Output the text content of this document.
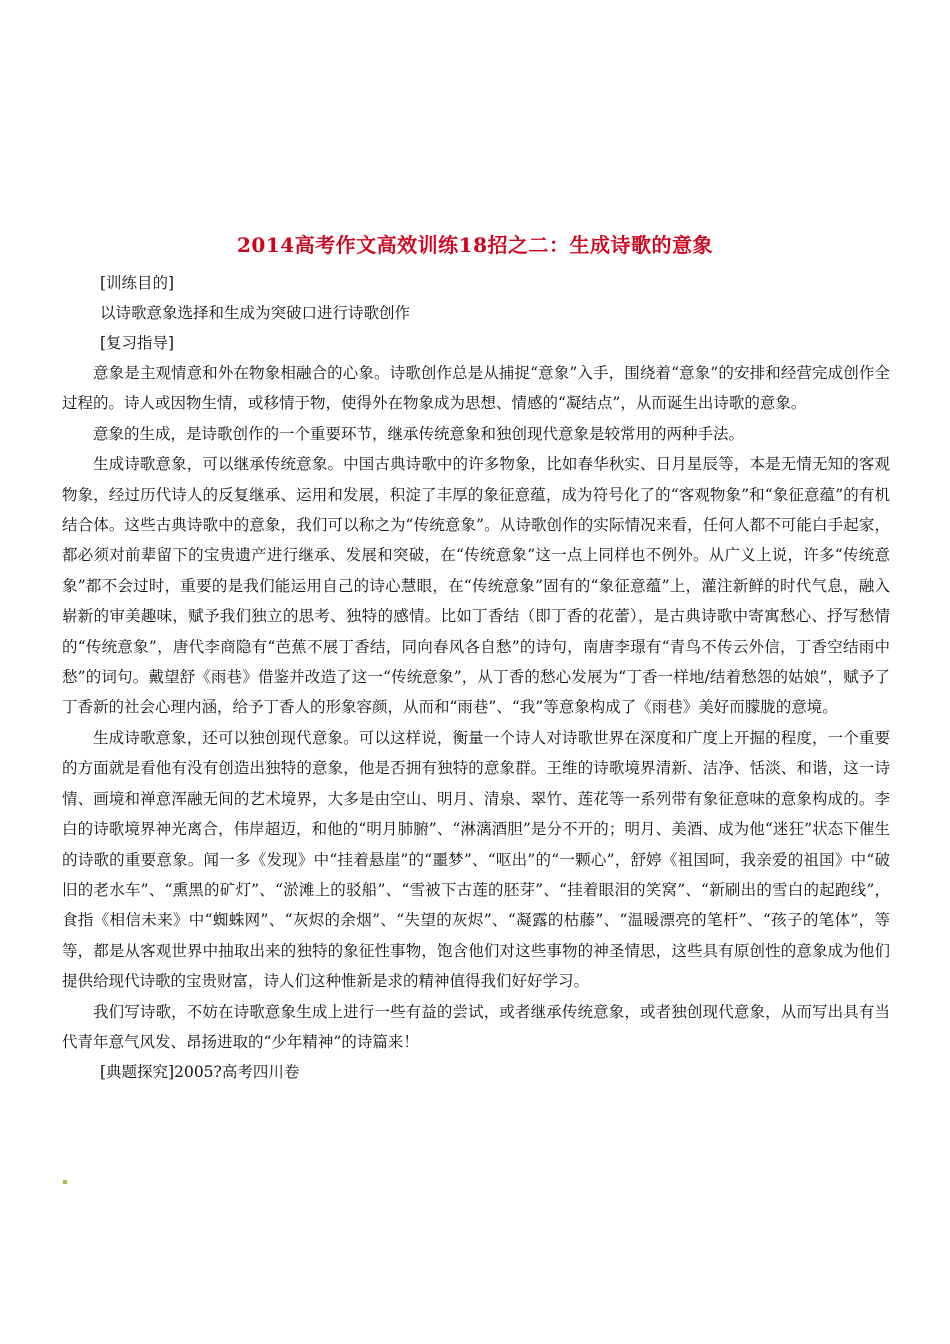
2014高考作文高效训练18招之二：生成诗歌的意象
[训练目的]
以诗歌意象选择和生成为突破口进行诗歌创作
[复习指导]

意象是主观情意和外在物象相融合的心象。诗歌创作总是从捕捉“意象”入手，围绕着“意象”的安排和经营完成创作全过程的。诗人或因物生情，或移情于物，使得外在物象成为思想、情感的“凝结点”，从而诞生出诗歌的意象。

意象的生成，是诗歌创作的一个重要环节，继承传统意象和独创现代意象是较常用的两种手法。

生成诗歌意象，可以继承传统意象。中国古典诗歌中的许多物象，比如春华秋实、日月星辰等，本是无情无知的客观物象，经过历代诗人的反复继承、运用和发展，积淀了丰厚的象征意蕴，成为符号化了的“客观物象”和“象征意蕴”的有机结合体。这些古典诗歌中的意象，我们可以称之为“传统意象”。从诗歌创作的实际情况来看，任何人都不可能白手起家，都必须对前辈留下的宝贵遗产进行继承、发展和突破，在“传统意象”这一点上同样也不例外。从广义上说，许多“传统意象”都不会过时，重要的是我们能运用自己的诗心慧眼，在“传统意象”固有的“象征意蕴”上，灌注新鲜的时代气息，融入崭新的审美趣味，赋予我们独立的思考、独特的感情。比如丁香结（即丁香的花蕾），是古典诗歌中寄寓愁心、抒写愁情的“传统意象”，唐代李商隐有“芭蕉不展丁香结，同向春风各自愁”的诗句，南唐李璟有“青鸟不传云外信，丁香空结雨中愁”的词句。戴望舒《雨巷》借鉴并改造了这一“传统意象”，从丁香的愁心发展为“丁香一样地/结着愁怨的姑娘”，赋予了丁香新的社会心理内涵，给予丁香人的形象容颜，从而和“雨巷”、“我”等意象构成了《雨巷》美好而朦胧的意境。

生成诗歌意象，还可以独创现代意象。可以这样说，衡量一个诗人对诗歌世界在深度和广度上开掘的程度，一个重要的方面就是看他有没有创造出独特的意象，他是否拥有独特的意象群。王维的诗歌境界清新、洁净、恬淡、和谐，这一诗情、画境和禅意浑融无间的艺术境界，大多是由空山、明月、清泉、翠竹、莲花等一系列带有象征意味的意象构成的。李白的诗歌境界神光离合，伟岸超迈，和他的“明月肺腑”、“淋漓酒胆”是分不开的；明月、美酒、成为他“迷狂”状态下催生的诗歌的重要意象。闻一多《发现》中“挂着悬崖”的“噩梦”、“呕出”的“一颗心”，舒婷《祖国呵，我亲爱的祖国》中“破旧的老水车”、“熏黑的矿灯”、“淤滩上的驳船”、“雪被下古莲的胚芽”、“挂着眼泪的笑窝”、“新刷出的雪白的起跑线”，食指《相信未来》中“蜘蛛网”、“灰烬的余烟”、“失望的灰烬”、“凝露的枯藤”、“温暖漂亮的笔杆”、“孩子的笔体”，等等，都是从客观世界中抽取出来的独特的象征性事物，饱含他们对这些事物的神圣情思，这些具有原创性的意象成为他们提供给现代诗歌的宝贵财富，诗人们这种惟新是求的精神值得我们好好学习。

我们写诗歌，不妨在诗歌意象生成上进行一些有益的尝试，或者继承传统意象，或者独创现代意象，从而写出具有当代青年意气风发、昂扬进取的“少年精神”的诗篇来！

[典题探究]2005?高考四川卷
